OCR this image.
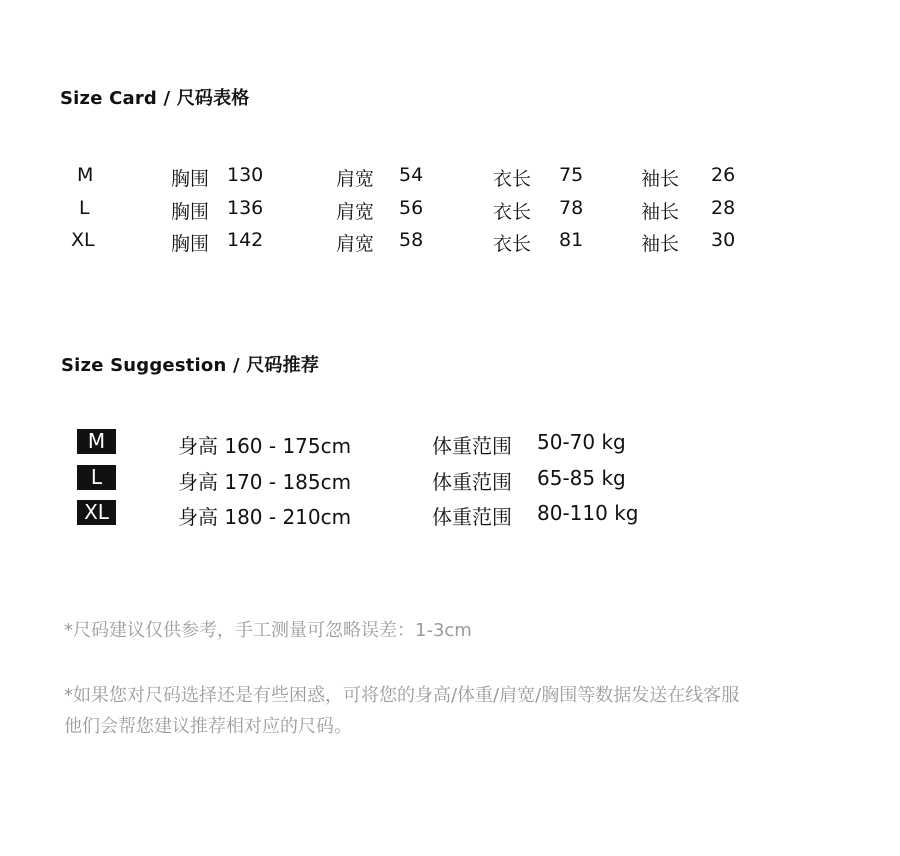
Size Card / 尺码表格
M	胸围 130	肩宽 54	衣长 75	袖长 26
L	胸围 136	肩宽 56	衣长 78	袖长 28
XL	胸围 142	肩宽 58	衣长 81	袖长 30
Size Suggestion / 尺码推荐
M	身高 160 - 175cm	体重范围 50-70 kg
L	身高 170 - 185cm	体重范围 65-85 kg
XL	身高 180 - 210cm	体重范围 80-110 kg
*尺码建议仅供参考，手工测量可忽略误差：1-3cm
*如果您对尺码选择还是有些困惑，可将您的身高/体重/肩宽/胸围等数据发送在线客服
他们会帮您建议推荐相对应的尺码。
